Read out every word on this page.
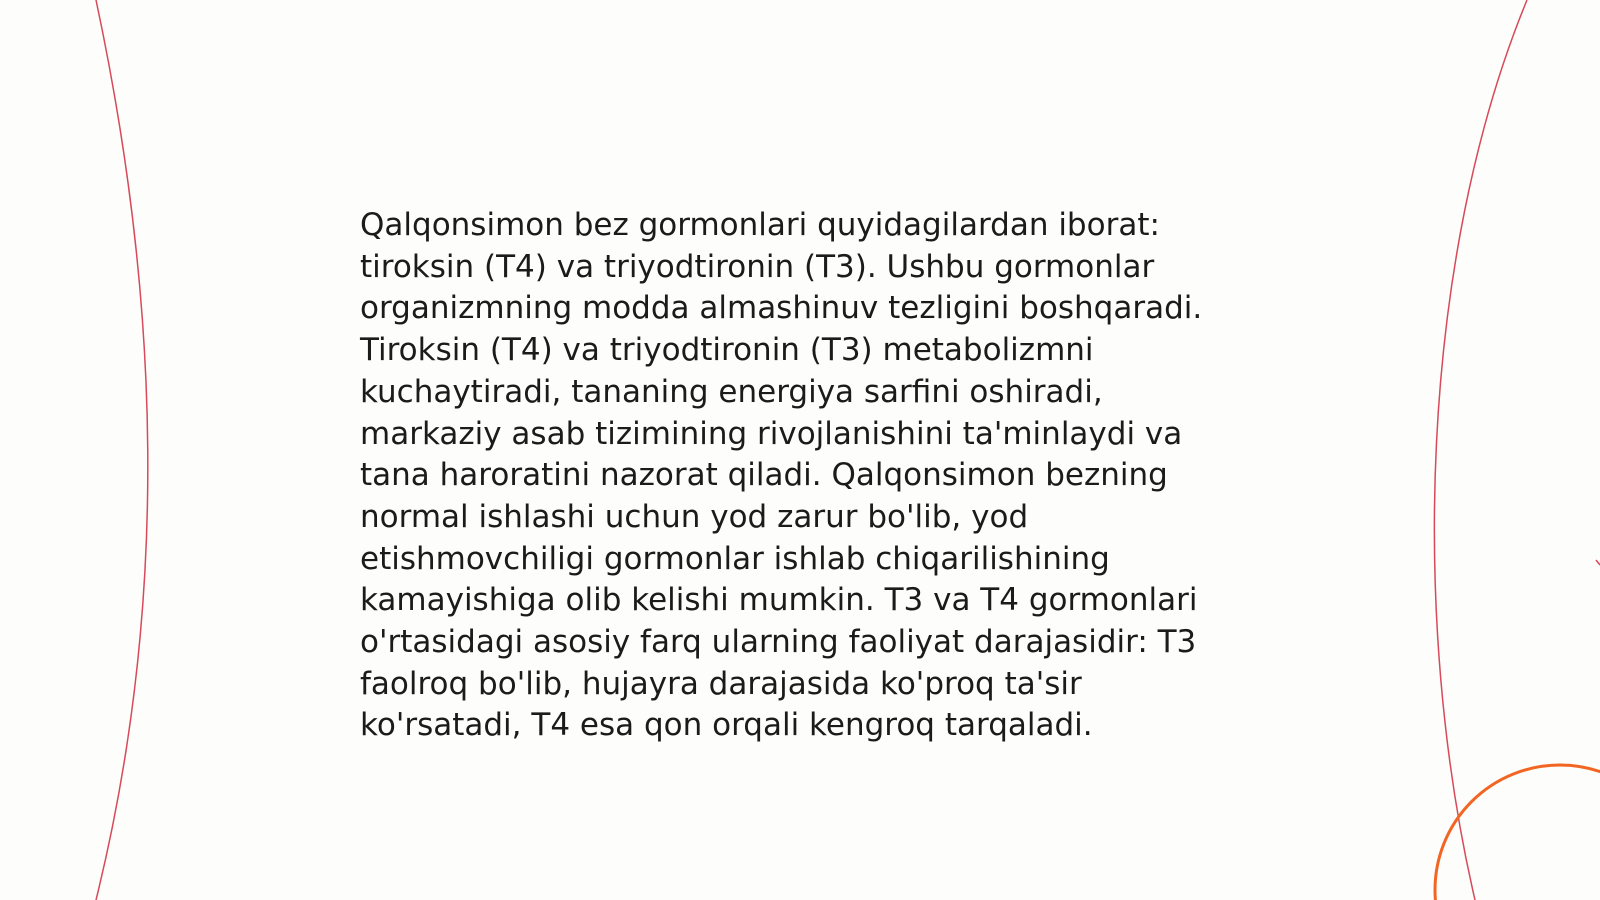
Qalqonsimon bez gormonlari quyidagilardan iborat: tiroksin (T4) va triyodtironin (T3). Ushbu gormonlar organizmning modda almashinuv tezligini boshqaradi. Tiroksin (T4) va triyodtironin (T3) metabolizmni kuchaytiradi, tananing energiya sarfini oshiradi, markaziy asab tizimining rivojlanishini ta'minlaydi va tana haroratini nazorat qiladi. Qalqonsimon bezning normal ishlashi uchun yod zarur bo'lib, yod etishmovchiligi gormonlar ishlab chiqarilishining kamayishiga olib kelishi mumkin. T3 va T4 gormonlari o'rtasidagi asosiy farq ularning faoliyat darajasidir: T3 faolroq bo'lib, hujayra darajasida ko'proq ta'sir ko'rsatadi, T4 esa qon orqali kengroq tarqaladi.
